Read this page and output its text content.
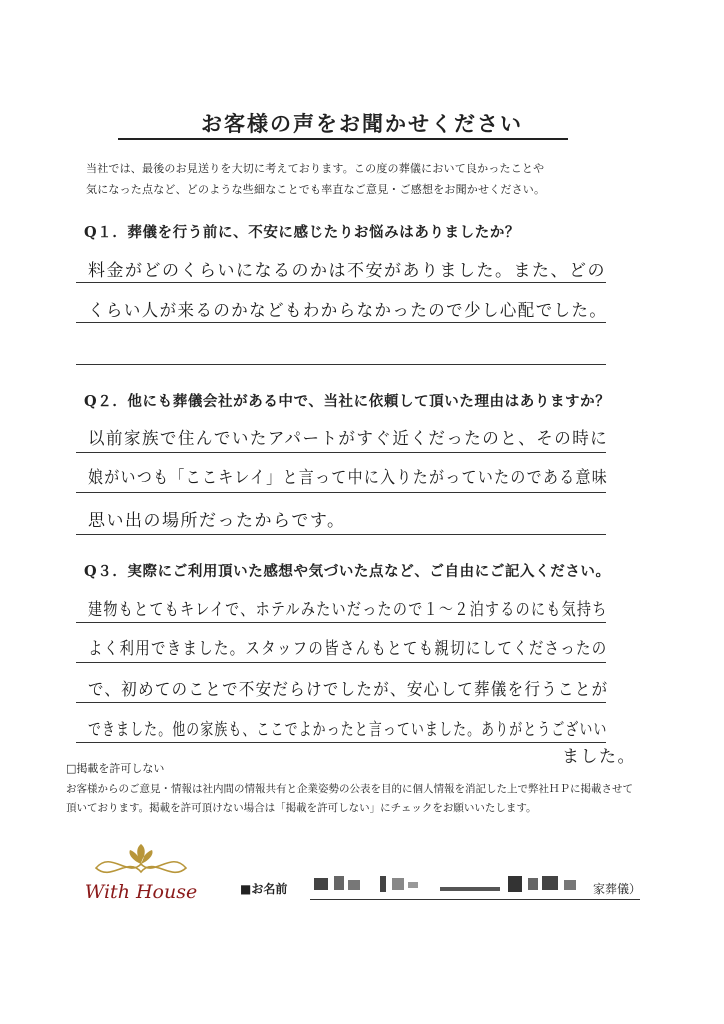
お客様の声をお聞かせください
当社では、最後のお見送りを大切に考えております。この度の葬儀において良かったことや
気になった点など、どのような些細なことでも率直なご意見・ご感想をお聞かせください。
Q１．葬儀を行う前に、不安に感じたりお悩みはありましたか？
料金がどのくらいになるのかは不安がありました。また、どの
くらい人が来るのかなどもわからなかったので少し心配でした。
Q２．他にも葬儀会社がある中で、当社に依頼して頂いた理由はありますか？
以前家族で住んでいたアパートがすぐ近くだったのと、その時に
娘がいつも「ここキレイ」と言って中に入りたがっていたのである意味
思い出の場所だったからです。
Q３．実際にご利用頂いた感想や気づいた点など、ご自由にご記入ください。
建物もとてもキレイで、ホテルみたいだったので１〜２泊するのにも気持ち
よく利用できました。スタッフの皆さんもとても親切にしてくださったの
で、初めてのことで不安だらけでしたが、安心して葬儀を行うことが
できました。他の家族も、ここでよかったと言っていました。ありがとうございい
ました。
□掲載を許可しない
お客様からのご意見・情報は社内間の情報共有と企業姿勢の公表を目的に個人情報を消記した上で弊社ＨＰに掲載させて
頂いております。掲載を許可頂けない場合は「掲載を許可しない」にチェックをお願いいたします。
With House	■お名前	家葬儀）
